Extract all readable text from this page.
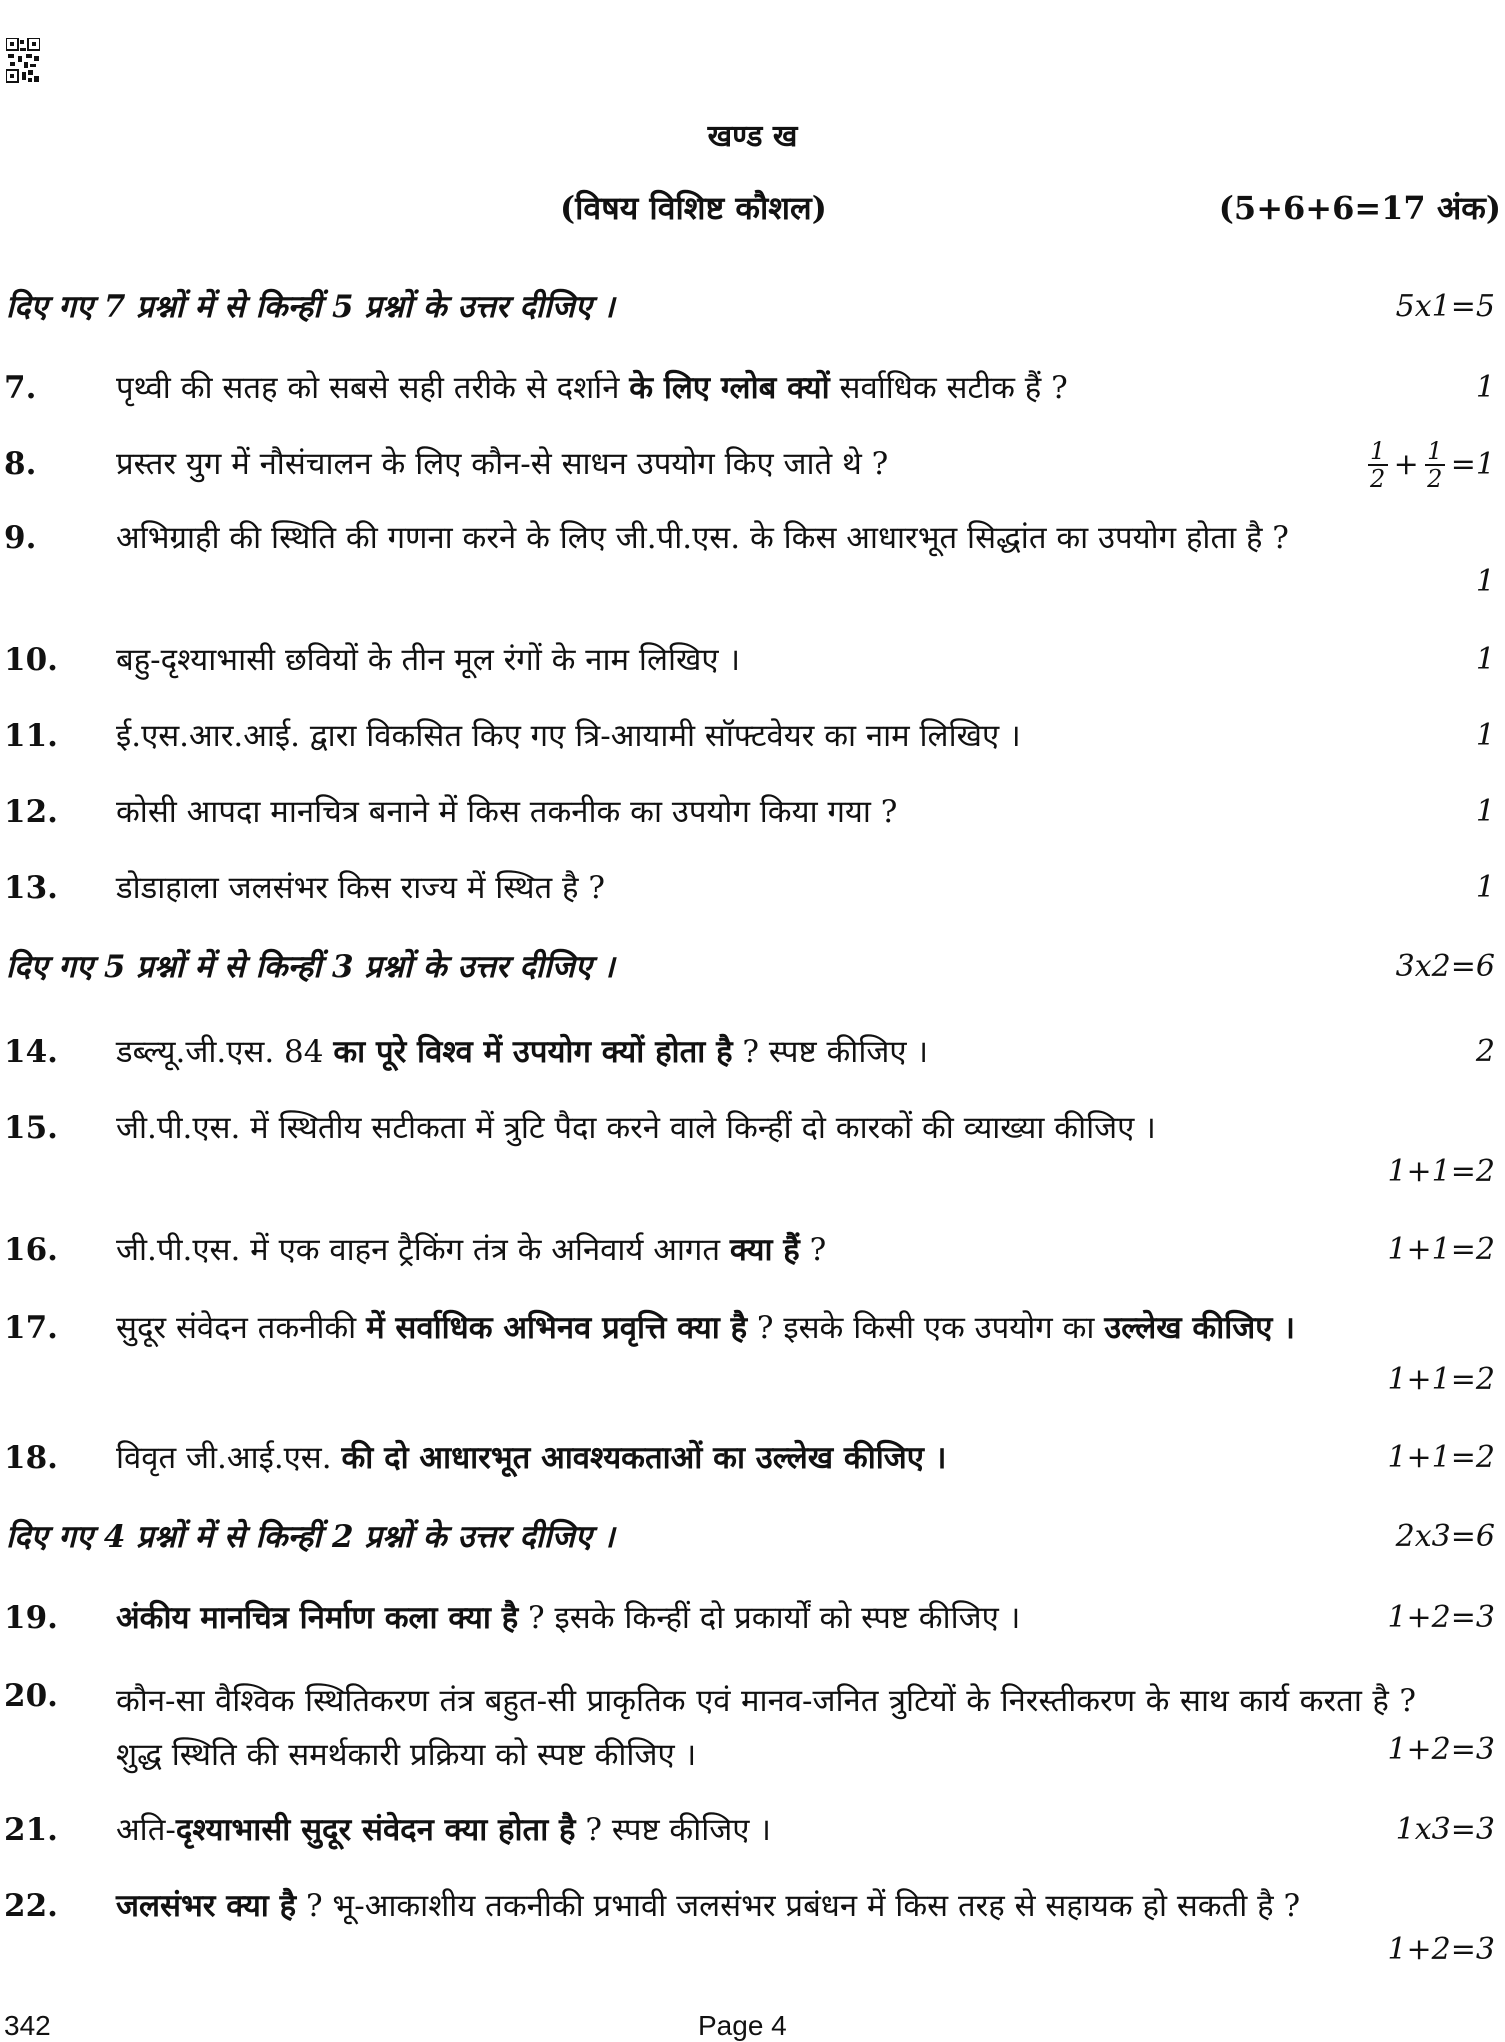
खण्ड ख
(विषय विशिष्ट कौशल)	(5+6+6=17 अंक)
दिए गए 7 प्रश्नों में से किन्हीं 5 प्रश्नों के उत्तर दीजिए ।	5x1=5
7.	पृथ्वी की सतह को सबसे सही तरीके से दर्शाने के लिए ग्लोब क्यों सर्वाधिक सटीक हैं ?	1
8.	प्रस्तर युग में नौसंचालन के लिए कौन-से साधन उपयोग किए जाते थे ?	$\frac{1}{2} + \frac{1}{2} =1$
9.	अभिग्राही की स्थिति की गणना करने के लिए जी.पी.एस. के किस आधारभूत सिद्धांत का उपयोग होता है ?
1
10. बहु-दृश्याभासी छवियों के तीन मूल रंगों के नाम लिखिए ।	1
11. ई.एस.आर.आई. द्वारा विकसित किए गए त्रि-आयामी सॉफ्टवेयर का नाम लिखिए ।	1
12. कोसी आपदा मानचित्र बनाने में किस तकनीक का उपयोग किया गया ?	1
13. डोडाहाला जलसंभर किस राज्य में स्थित है ?	1
दिए गए 5 प्रश्नों में से किन्हीं 3 प्रश्नों के उत्तर दीजिए ।	3x2=6
14. डब्ल्यू.जी.एस. 84 का पूरे विश्व में उपयोग क्यों होता है ? स्पष्ट कीजिए ।	2
15. जी.पी.एस. में स्थितीय सटीकता में त्रुटि पैदा करने वाले किन्हीं दो कारकों की व्याख्या कीजिए ।
1+1=2
16. जी.पी.एस. में एक वाहन ट्रैकिंग तंत्र के अनिवार्य आगत क्या हैं ?	1+1=2
17. सुदूर संवेदन तकनीकी में सर्वाधिक अभिनव प्रवृत्ति क्या है ? इसके किसी एक उपयोग का उल्लेख कीजिए ।
1+1=2
18. विवृत जी.आई.एस. की दो आधारभूत आवश्यकताओं का उल्लेख कीजिए ।	1+1=2
दिए गए 4 प्रश्नों में से किन्हीं 2 प्रश्नों के उत्तर दीजिए ।	2x3=6
19. अंकीय मानचित्र निर्माण कला क्या है ? इसके किन्हीं दो प्रकार्यों को स्पष्ट कीजिए ।	1+2=3
20. कौन-सा वैश्विक स्थितिकरण तंत्र बहुत-सी प्राकृतिक एवं मानव-जनित त्रुटियों के निरस्तीकरण के साथ कार्य करता है ? शुद्ध स्थिति की समर्थकारी प्रक्रिया को स्पष्ट कीजिए ।	1+2=3
21. अति-दृश्याभासी सुदूर संवेदन क्या होता है ? स्पष्ट कीजिए ।	1x3=3
22. जलसंभर क्या है ? भू-आकाशीय तकनीकी प्रभावी जलसंभर प्रबंधन में किस तरह से सहायक हो सकती है ?
1+2=3
342	Page 4
